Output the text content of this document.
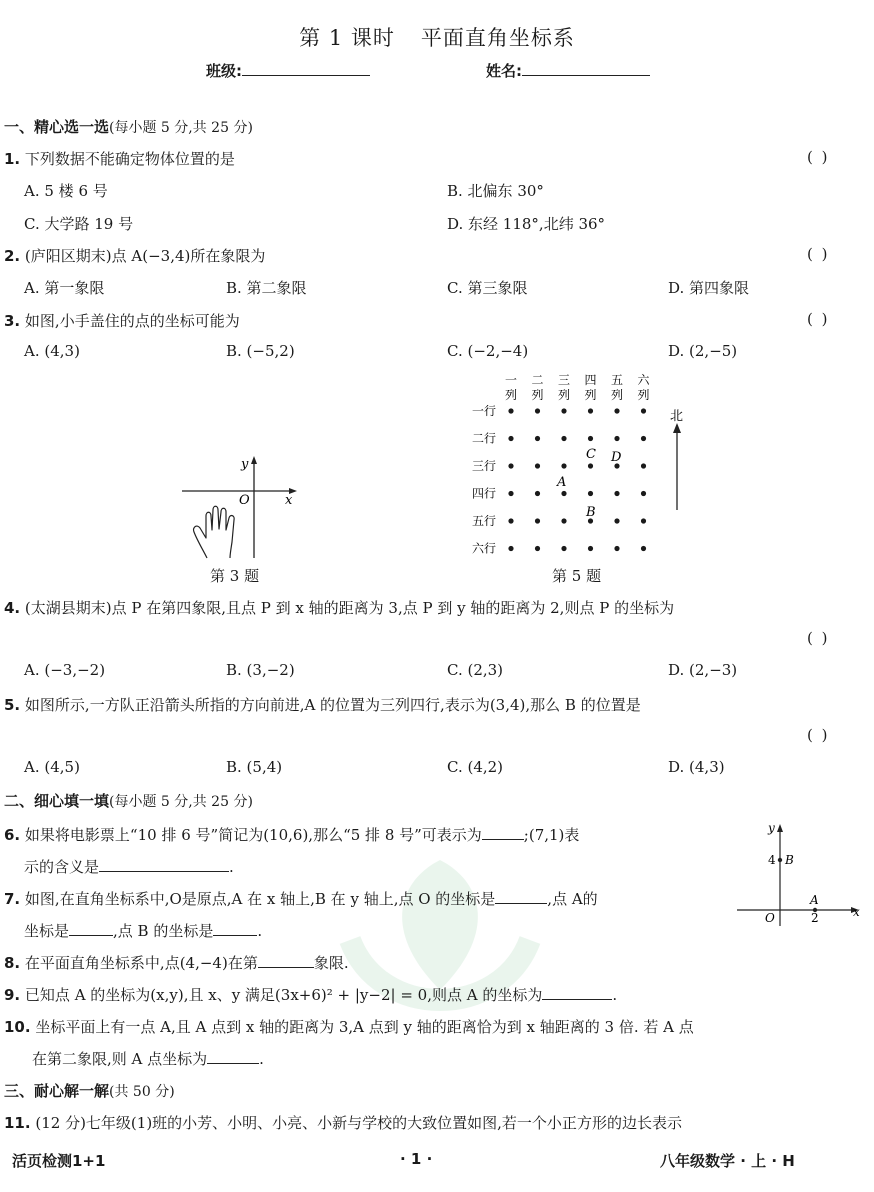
第 1 课时 平面直角坐标系
班级:	姓名:
一、精心选一选(每小题 5 分,共 25 分)
1. 下列数据不能确定物体位置的是	( )
A. 5 楼 6 号	B. 北偏东 30°
C. 大学路 19 号	D. 东经 118°,北纬 36°
2. (庐阳区期末)点 A(−3,4)所在象限为	( )
A. 第一象限	B. 第二象限	C. 第三象限	D. 第四象限
3. 如图,小手盖住的点的坐标可能为	( )
A. (4,3)	B. (−5,2)	C. (−2,−4)	D. (2,−5)
y
x
O
第 3 题
一
列
二
列
三
列
四
列
五
列
六
列
一行
二行
三行
四行
五行
六行
北
C D
A
B
第 5 题
4. (太湖县期末)点 P 在第四象限,且点 P 到 x 轴的距离为 3,点 P 到 y 轴的距离为 2,则点 P 的坐标为
( )
A. (−3,−2)	B. (3,−2)	C. (2,3)	D. (2,−3)
5. 如图所示,一方队正沿箭头所指的方向前进,A 的位置为三列四行,表示为(3,4),那么 B 的位置是
( )
A. (4,5)	B. (5,4)	C. (4,2)	D. (4,3)
二、细心填一填(每小题 5 分,共 25 分)
6. 如果将电影票上“10 排 6 号”简记为(10,6),那么“5 排 8 号”可表示为	;(7,1)表
示的含义是	.
7. 如图,在直角坐标系中,O是原点,A 在 x 轴上,B 在 y 轴上,点 O 的坐标是	,点 A的
坐标是	,点 B 的坐标是	.
y
x
O
4 B
A
2
8. 在平面直角坐标系中,点(4,−4)在第	象限.
9. 已知点 A 的坐标为(x,y),且 x、y 满足(3x+6)² + |y−2| = 0,则点 A 的坐标为	.
10. 坐标平面上有一点 A,且 A 点到 x 轴的距离为 3,A 点到 y 轴的距离恰为到 x 轴距离的 3 倍. 若 A 点
在第二象限,则 A 点坐标为	.
三、耐心解一解(共 50 分)
11. (12 分)七年级(1)班的小芳、小明、小亮、小新与学校的大致位置如图,若一个小正方形的边长表示
活页检测1+1	· 1 ·	八年级数学 · 上 · H
